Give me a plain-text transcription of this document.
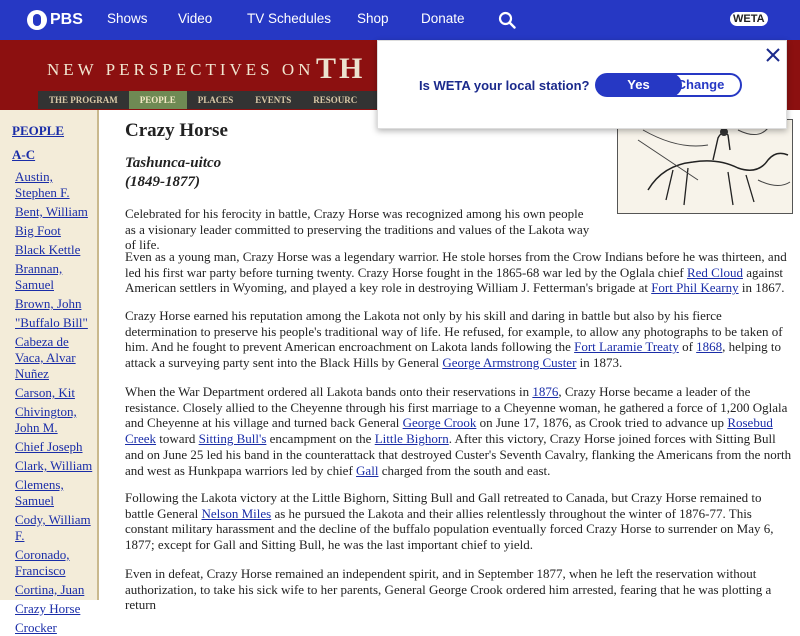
PBS Shows Video	TV Schedules Shop Donate	WETA
NEW PERSPECTIVES ON TH
THE PROGRAM	PEOPLE	PLACES	EVENTS	RESOURC
PEOPLE
A-C
Austin, Stephen F.
Bent, William
Big Foot
Black Kettle
Brannan, Samuel
Brown, John
"Buffalo Bill"
Cabeza de Vaca, Alvar Nuñez
Carson, Kit
Chivington, John M.
Chief Joseph
Clark, William
Clemens, Samuel
Cody, William F.
Coronado, Francisco
Cortina, Juan
Crazy Horse
Crocker
Crazy Horse
Tashunca-uitco
(1849-1877)

Celebrated for his ferocity in battle, Crazy Horse was recognized among his own people as a visionary leader committed to preserving the traditions and values of the Lakota way of life.

Even as a young man, Crazy Horse was a legendary warrior. He stole horses from the Crow Indians before he was thirteen, and led his first war party before turning twenty. Crazy Horse fought in the 1865-68 war led by the Oglala chief Red Cloud against American settlers in Wyoming, and played a key role in destroying William J. Fetterman's brigade at Fort Phil Kearny in 1867.

Crazy Horse earned his reputation among the Lakota not only by his skill and daring in battle but also by his fierce determination to preserve his people's traditional way of life. He refused, for example, to allow any photographs to be taken of him. And he fought to prevent American encroachment on Lakota lands following the Fort Laramie Treaty of 1868, helping to attack a surveying party sent into the Black Hills by General George Armstrong Custer in 1873.

When the War Department ordered all Lakota bands onto their reservations in 1876, Crazy Horse became a leader of the resistance. Closely allied to the Cheyenne through his first marriage to a Cheyenne woman, he gathered a force of 1,200 Oglala and Cheyenne at his village and turned back General George Crook on June 17, 1876, as Crook tried to advance up Rosebud Creek toward Sitting Bull's encampment on the Little Bighorn. After this victory, Crazy Horse joined forces with Sitting Bull and on June 25 led his band in the counterattack that destroyed Custer's Seventh Cavalry, flanking the Americans from the north and west as Hunkpapa warriors led by chief Gall charged from the south and east.

Following the Lakota victory at the Little Bighorn, Sitting Bull and Gall retreated to Canada, but Crazy Horse remained to battle General Nelson Miles as he pursued the Lakota and their allies relentlessly throughout the winter of 1876-77. This constant military harassment and the decline of the buffalo population eventually forced Crazy Horse to surrender on May 6, 1877; except for Gall and Sitting Bull, he was the last important chief to yield.

Even in defeat, Crazy Horse remained an independent spirit, and in September 1877, when he left the reservation without authorization, to take his sick wife to her parents, General George Crook ordered him arrested, fearing that he was plotting a return

Is WETA your local station?	Yes	Change
